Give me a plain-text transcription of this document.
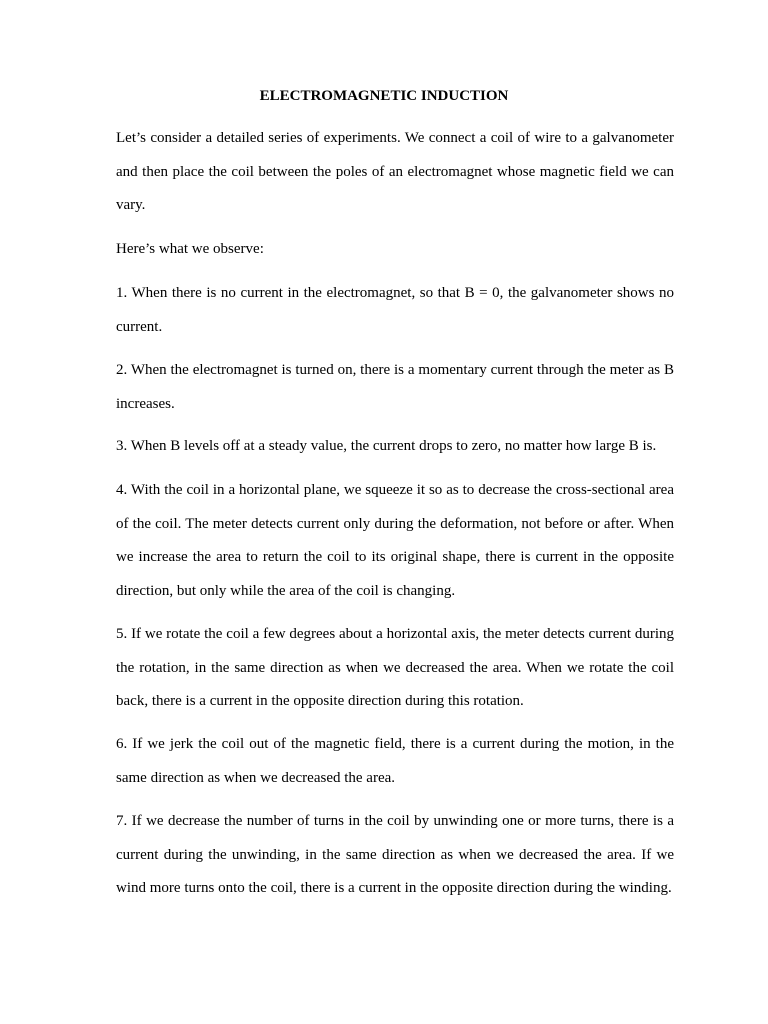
ELECTROMAGNETIC INDUCTION

Let’s consider a detailed series of experiments. We connect a coil of wire to a galvanometer and then place the coil between the poles of an electromagnet whose magnetic field we can vary.

Here’s what we observe:

1. When there is no current in the electromagnet, so that B = 0, the galvanometer shows no current.

2. When the electromagnet is turned on, there is a momentary current through the meter as B increases.

3. When B levels off at a steady value, the current drops to zero, no matter how large B is.

4. With the coil in a horizontal plane, we squeeze it so as to decrease the cross-sectional area of the coil. The meter detects current only during the deformation, not before or after. When we increase the area to return the coil to its original shape, there is current in the opposite direction, but only while the area of the coil is changing.

5. If we rotate the coil a few degrees about a horizontal axis, the meter detects current during the rotation, in the same direction as when we decreased the area. When we rotate the coil back, there is a current in the opposite direction during this rotation.

6. If we jerk the coil out of the magnetic field, there is a current during the motion, in the same direction as when we decreased the area.

7. If we decrease the number of turns in the coil by unwinding one or more turns, there is a current during the unwinding, in the same direction as when we decreased the area. If we wind more turns onto the coil, there is a current in the opposite direction during the winding.
